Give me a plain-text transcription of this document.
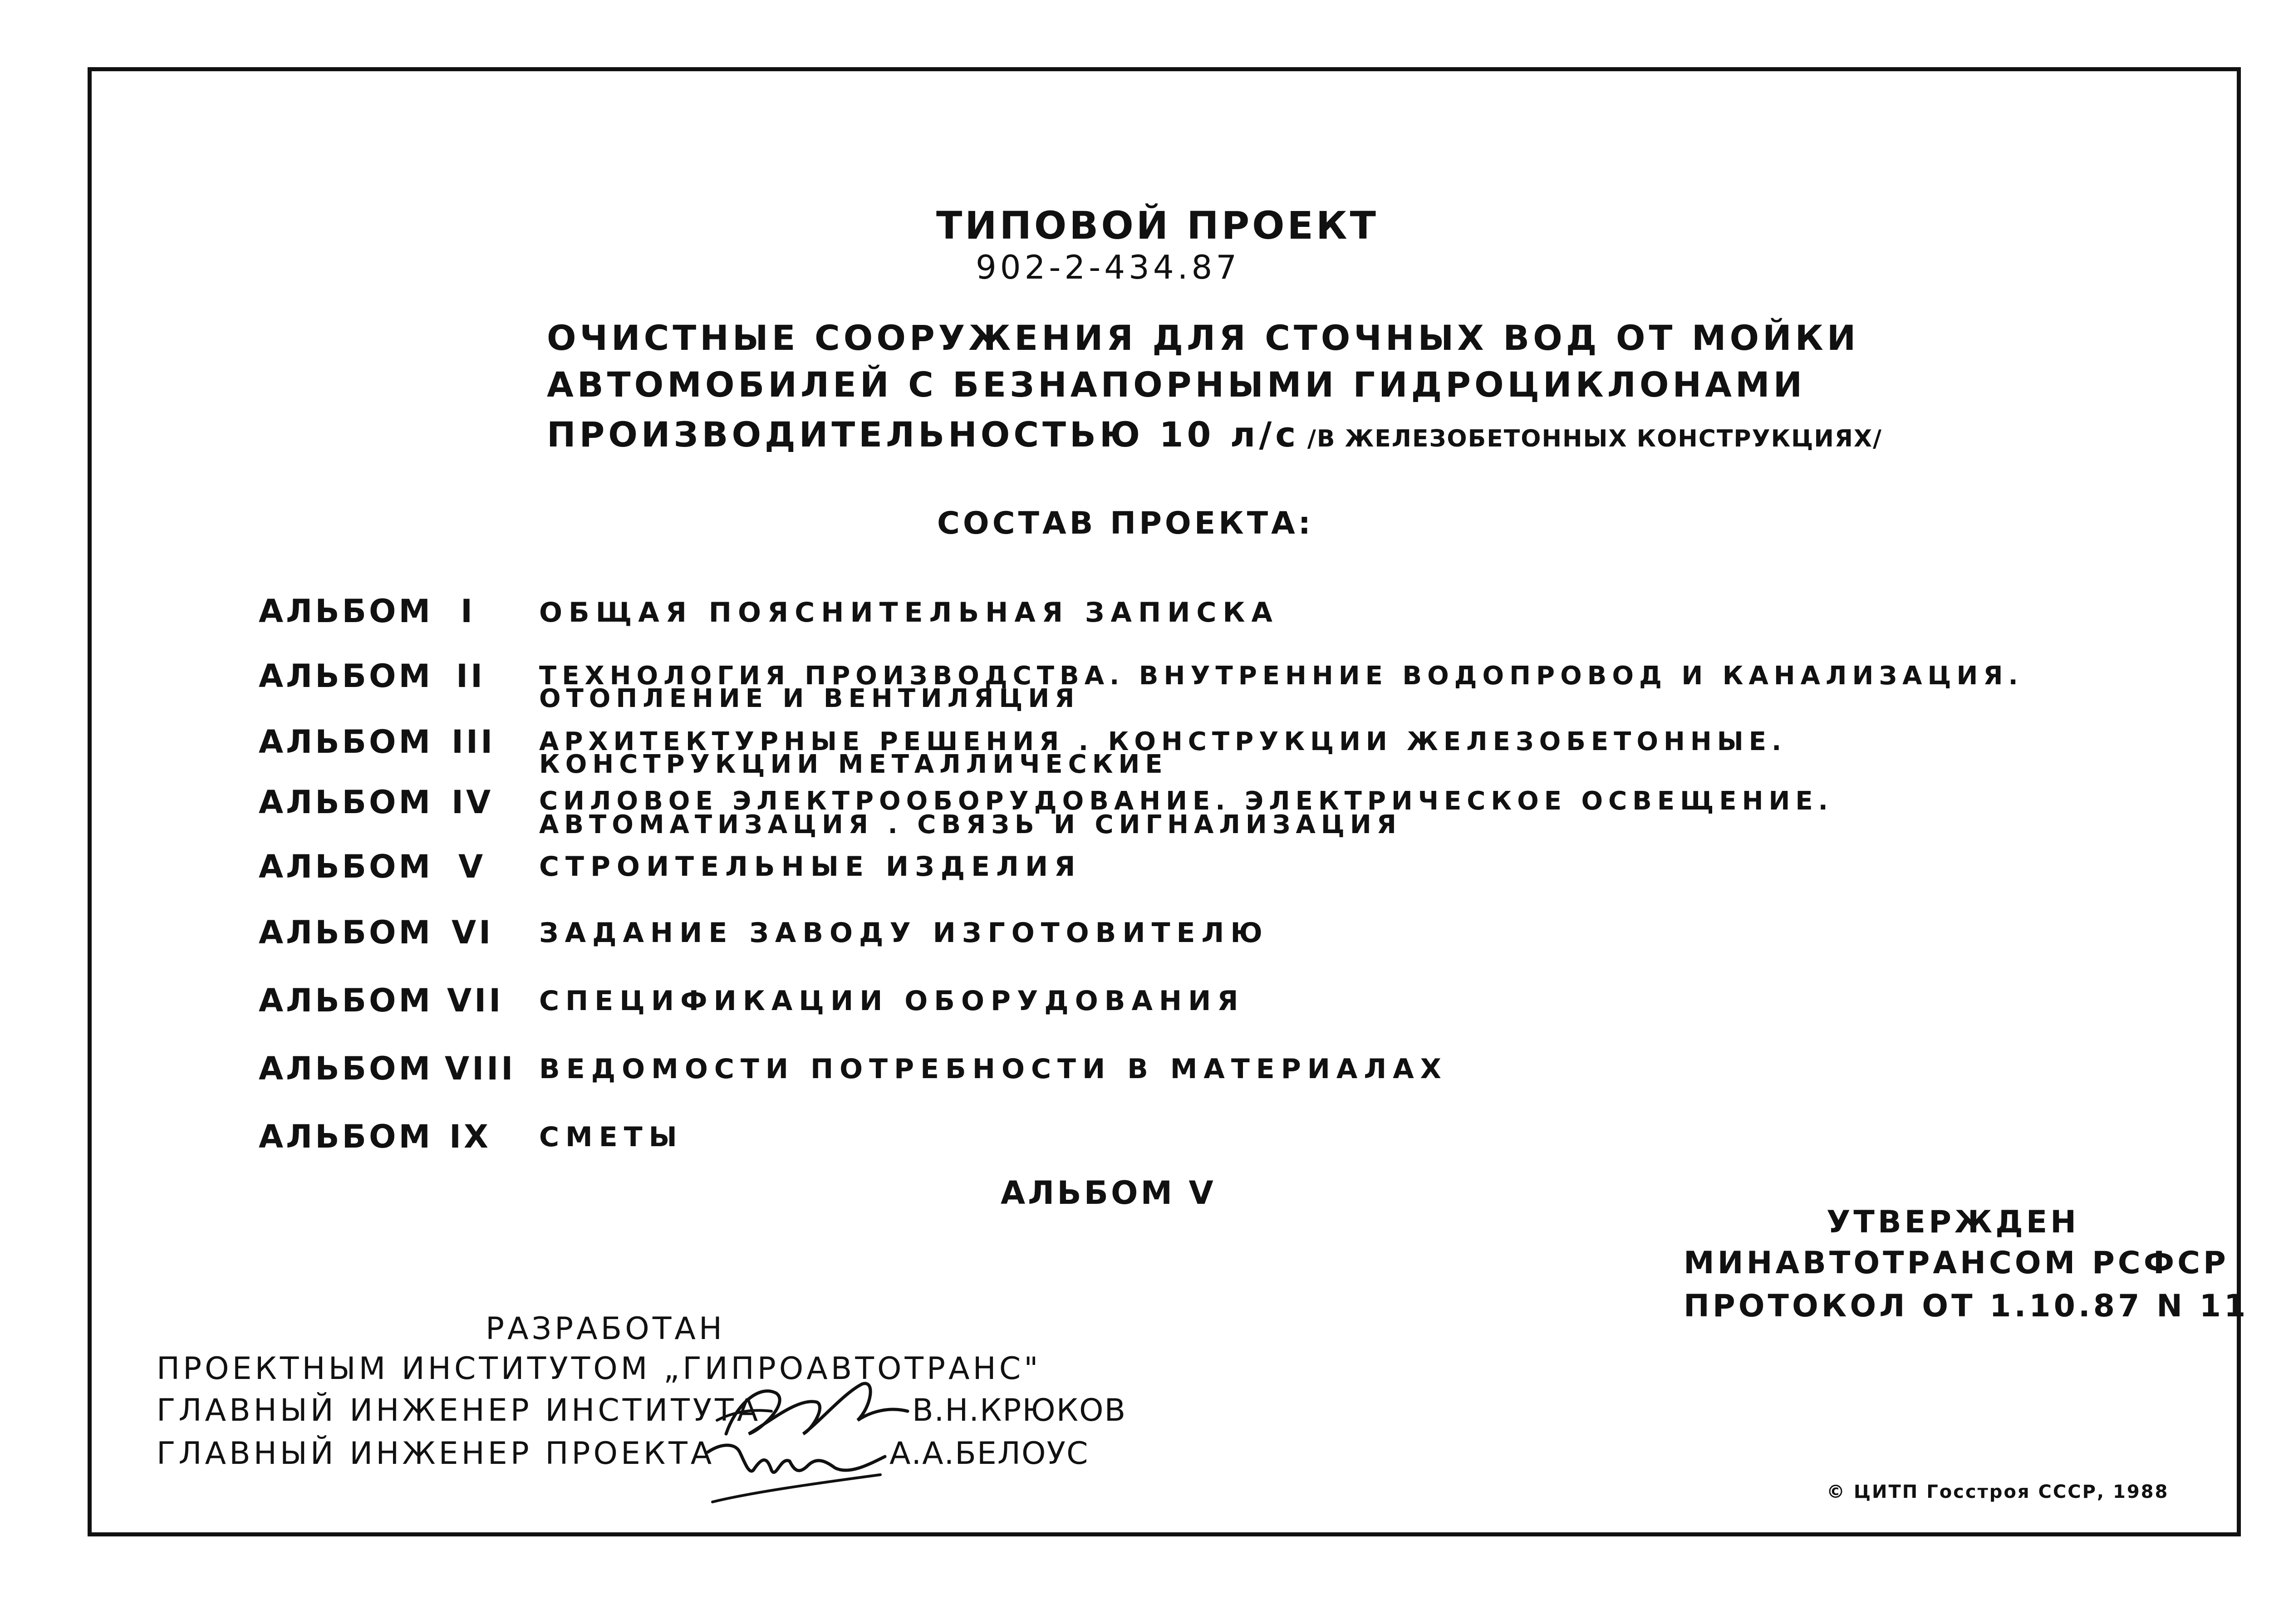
ТИПОВОЙ ПРОЕКТ
902-2-434.87
ОЧИСТНЫЕ СООРУЖЕНИЯ ДЛЯ СТОЧНЫХ ВОД ОТ МОЙКИ
АВТОМОБИЛЕЙ С БЕЗНАПОРНЫМИ ГИДРОЦИКЛОНАМИ
ПРОИЗВОДИТЕЛЬНОСТЬЮ 10 л/с /В ЖЕЛЕЗОБЕТОННЫХ КОНСТРУКЦИЯХ/
СОСТАВ ПРОЕКТА:
АЛЬБОМ I ОБЩАЯ ПОЯСНИТЕЛЬНАЯ ЗАПИСКА
АЛЬБОМ II ТЕХНОЛОГИЯ ПРОИЗВОДСТВА. ВНУТРЕННИЕ ВОДОПРОВОД И КАНАЛИЗАЦИЯ.
ОТОПЛЕНИЕ И ВЕНТИЛЯЦИЯ
АЛЬБОМ III АРХИТЕКТУРНЫЕ РЕШЕНИЯ . КОНСТРУКЦИИ ЖЕЛЕЗОБЕТОННЫЕ.
КОНСТРУКЦИИ МЕТАЛЛИЧЕСКИЕ
АЛЬБОМ IV СИЛОВОЕ ЭЛЕКТРООБОРУДОВАНИЕ. ЭЛЕКТРИЧЕСКОЕ ОСВЕЩЕНИЕ.
АВТОМАТИЗАЦИЯ . СВЯЗЬ И СИГНАЛИЗАЦИЯ
АЛЬБОМ V СТРОИТЕЛЬНЫЕ ИЗДЕЛИЯ
АЛЬБОМ VI ЗАДАНИЕ ЗАВОДУ ИЗГОТОВИТЕЛЮ
АЛЬБОМ VII СПЕЦИФИКАЦИИ ОБОРУДОВАНИЯ
АЛЬБОМ VIII ВЕДОМОСТИ ПОТРЕБНОСТИ В МАТЕРИАЛАХ
АЛЬБОМ IX СМЕТЫ
АЛЬБОМ V
УТВЕРЖДЕН
МИНАВТОТРАНСОМ РСФСР
ПРОТОКОЛ ОТ 1.10.87 N 11
РАЗРАБОТАН
ПРОЕКТНЫМ ИНСТИТУТОМ „ГИПРОАВТОТРАНС"
ГЛАВНЫЙ ИНЖЕНЕР ИНСТИТУТА	В.Н.КРЮКОВ
ГЛАВНЫЙ ИНЖЕНЕР ПРОЕКТА	А.А.БЕЛОУС
© ЦИТП Госстроя СССР, 1988
